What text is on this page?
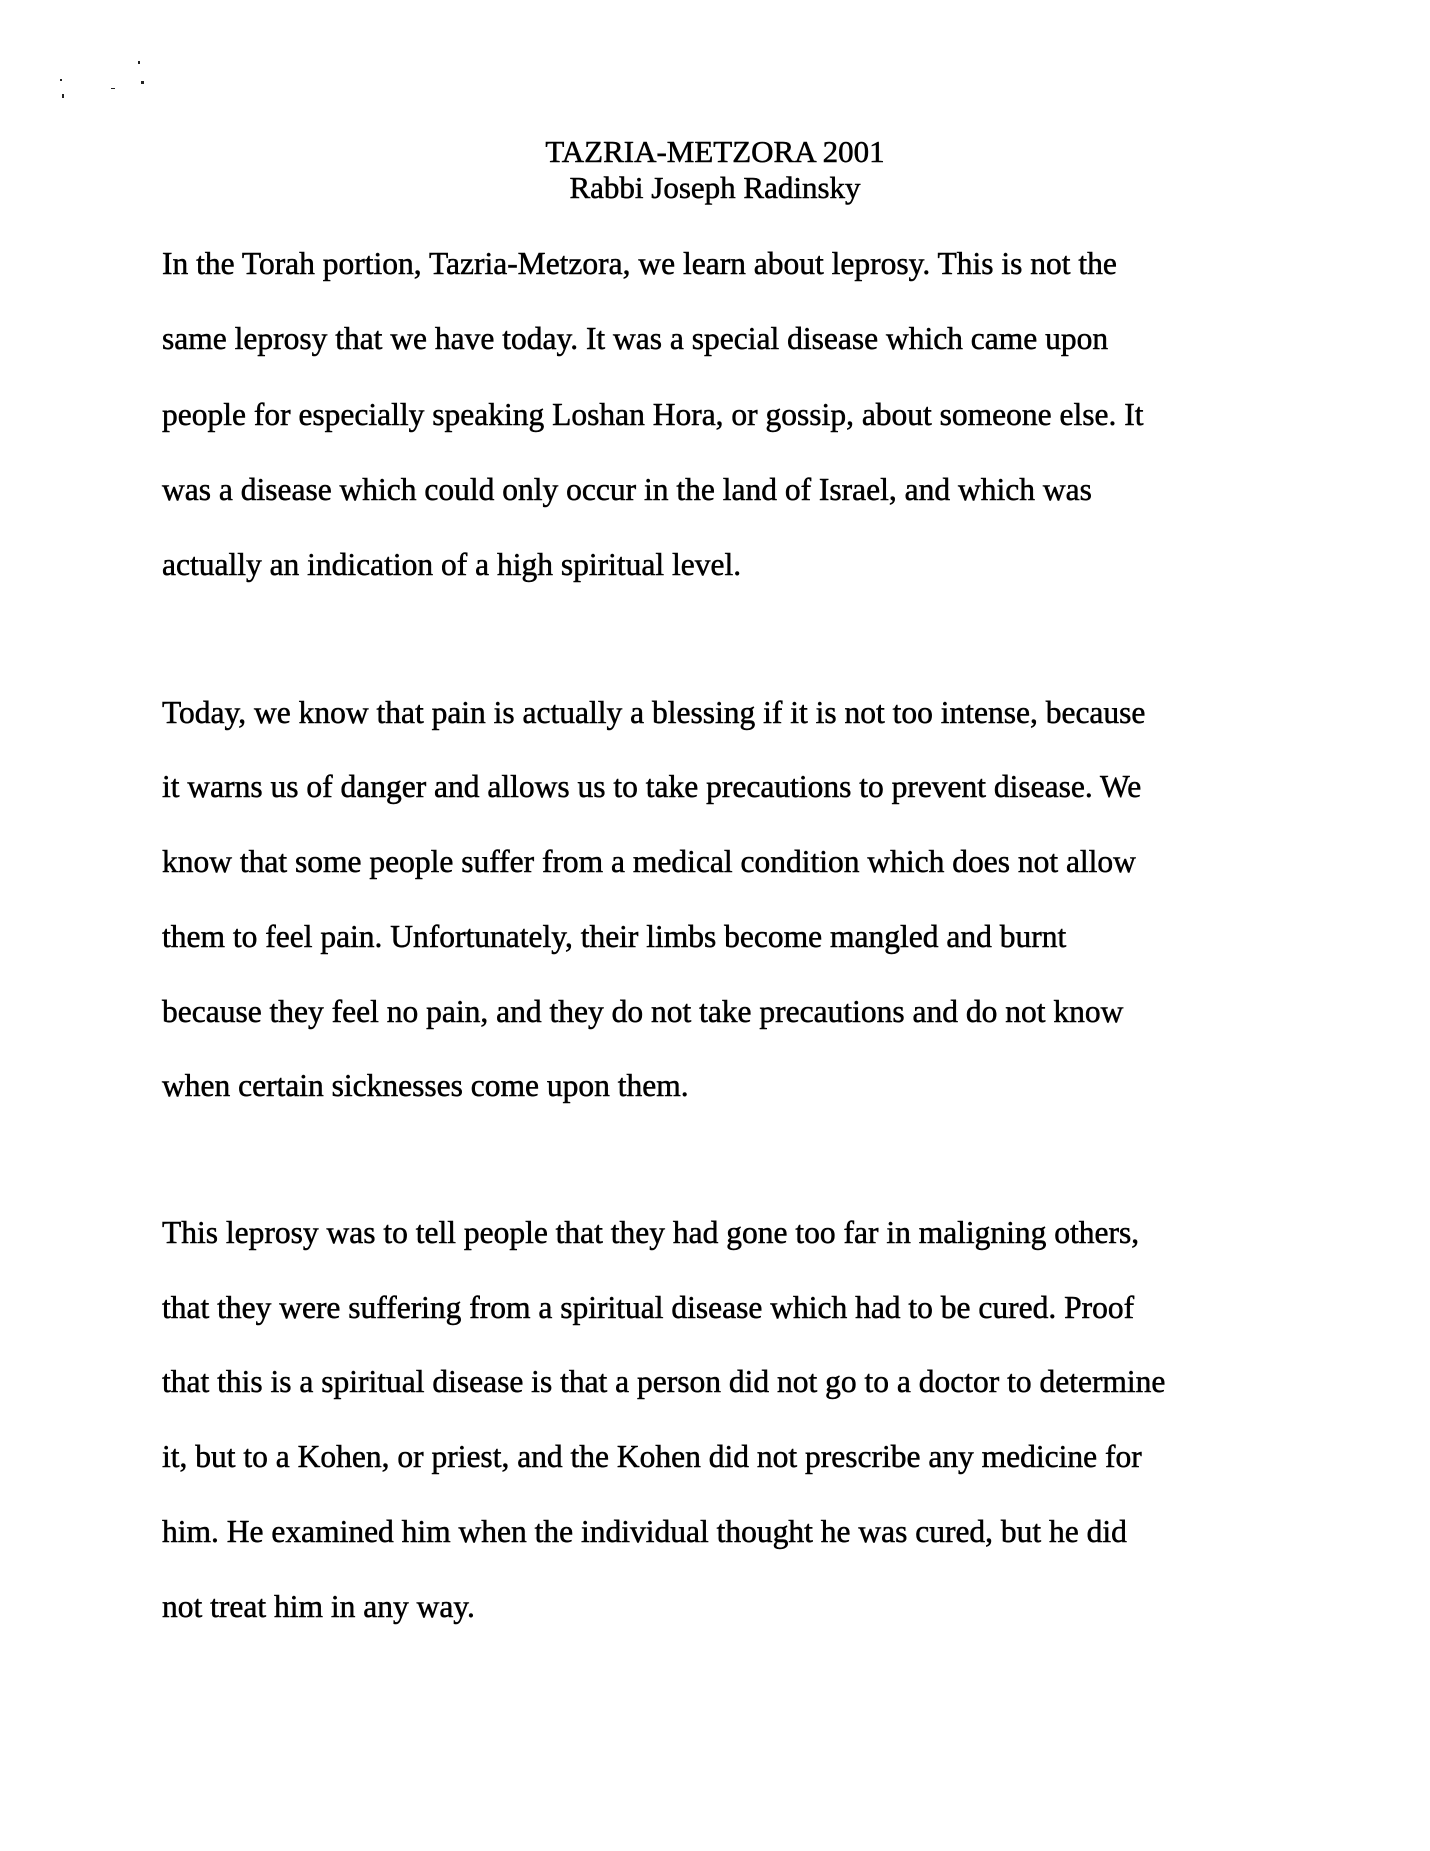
TAZRIA-METZORA 2001
Rabbi Joseph Radinsky
In the Torah portion, Tazria-Metzora, we learn about leprosy. This is not the
same leprosy that we have today. It was a special disease which came upon
people for especially speaking Loshan Hora, or gossip, about someone else. It
was a disease which could only occur in the land of Israel, and which was
actually an indication of a high spiritual level.
Today, we know that pain is actually a blessing if it is not too intense, because
it warns us of danger and allows us to take precautions to prevent disease. We
know that some people suffer from a medical condition which does not allow
them to feel pain. Unfortunately, their limbs become mangled and burnt
because they feel no pain, and they do not take precautions and do not know
when certain sicknesses come upon them.
This leprosy was to tell people that they had gone too far in maligning others,
that they were suffering from a spiritual disease which had to be cured. Proof
that this is a spiritual disease is that a person did not go to a doctor to determine
it, but to a Kohen, or priest, and the Kohen did not prescribe any medicine for
him. He examined him when the individual thought he was cured, but he did
not treat him in any way.
